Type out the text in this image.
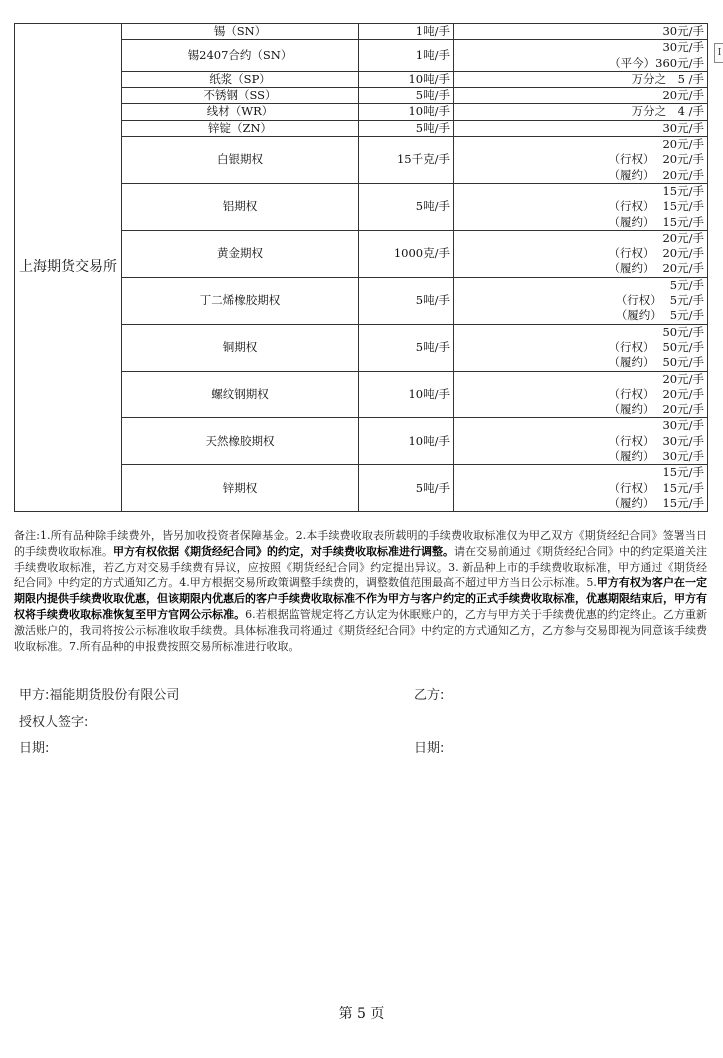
上海期货交易所	锡（SN）	1吨/手	30元/手

	锡2407合约（SN）	1吨/手	30元/手
（平今）360元/手

	纸浆（SP）	10吨/手	万分之　5 /手

	不锈钢（SS）	5吨/手	20元/手

	线材（WR）	10吨/手	万分之　4 /手

	锌锭（ZN）	5吨/手	30元/手

	白银期权	15千克/手	20元/手
（行权） 20元/手
（履约） 20元/手

	铝期权	5吨/手	15元/手
（行权） 15元/手
（履约） 15元/手

	黄金期权	1000克/手	20元/手
（行权） 20元/手
（履约） 20元/手

	丁二烯橡胶期权	5吨/手	5元/手
（行权） 5元/手
（履约） 5元/手

	铜期权	5吨/手	50元/手
（行权） 50元/手
（履约） 50元/手

	螺纹钢期权	10吨/手	20元/手
（行权） 20元/手
（履约） 20元/手

	天然橡胶期权	10吨/手	30元/手
（行权） 30元/手
（履约） 30元/手

	锌期权	5吨/手	15元/手
（行权） 15元/手
（履约） 15元/手
I
备注:1.所有品种除手续费外，皆另加收投资者保障基金。2.本手续费收取表所载明的手续费收取标准仅为甲乙双方《期货经纪合同》签署当日的手续费收取标准。甲方有权依据《期货经纪合同》的约定，对手续费收取标准进行调整。请在交易前通过《期货经纪合同》中的约定渠道关注手续费收取标准，若乙方对交易手续费有异议，应按照《期货经纪合同》约定提出异议。3. 新品种上市的手续费收取标准，甲方通过《期货经纪合同》中约定的方式通知乙方。4.甲方根据交易所政策调整手续费的，调整数值范围最高不超过甲方当日公示标准。5.甲方有权为客户在一定期限内提供手续费收取优惠，但该期限内优惠后的客户手续费收取标准不作为甲方与客户约定的正式手续费收取标准，优惠期限结束后，甲方有权将手续费收取标准恢复至甲方官网公示标准。6.若根据监管规定将乙方认定为休眠账户的，乙方与甲方关于手续费优惠的约定终止。乙方重新激活账户的，我司将按公示标准收取手续费。具体标准我司将通过《期货经纪合同》中约定的方式通知乙方，乙方参与交易即视为同意该手续费收取标准。7.所有品种的申报费按照交易所标准进行收取。
甲方:福能期货股份有限公司	乙方:
授权人签字:
日期:	日期:
第 5 页
